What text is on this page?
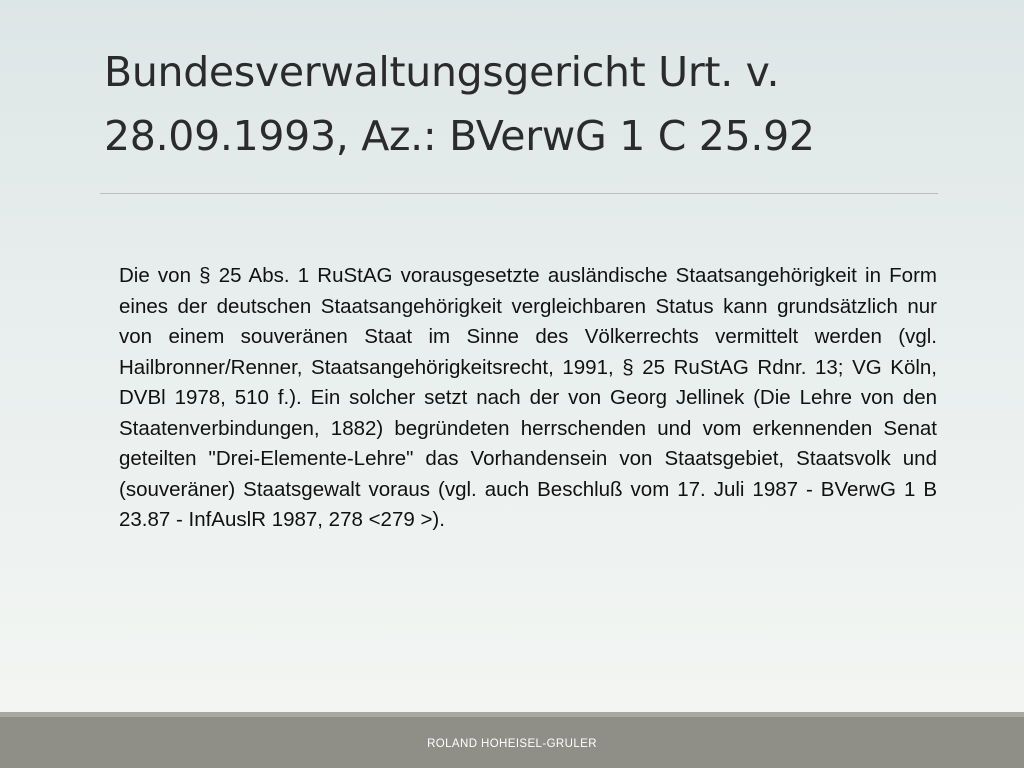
Bundesverwaltungsgericht Urt. v. 28.09.1993, Az.: BVerwG 1 C 25.92
Die von § 25 Abs. 1 RuStAG vorausgesetzte ausländische Staatsangehörigkeit in Form eines der deutschen Staatsangehörigkeit vergleichbaren Status kann grundsätzlich nur von einem souveränen Staat im Sinne des Völkerrechts vermittelt werden (vgl. Hailbronner/Renner, Staatsangehörigkeitsrecht, 1991, § 25 RuStAG Rdnr. 13; VG Köln, DVBl 1978, 510 f.). Ein solcher setzt nach der von Georg Jellinek (Die Lehre von den Staatenverbindungen, 1882) begründeten herrschenden und vom erkennenden Senat geteilten "Drei-Elemente-Lehre" das Vorhandensein von Staatsgebiet, Staatsvolk und (souveräner) Staatsgewalt voraus (vgl. auch Beschluß vom 17. Juli 1987 - BVerwG 1 B 23.87 - InfAuslR 1987, 278 <279 >).
ROLAND HOHEISEL-GRULER
